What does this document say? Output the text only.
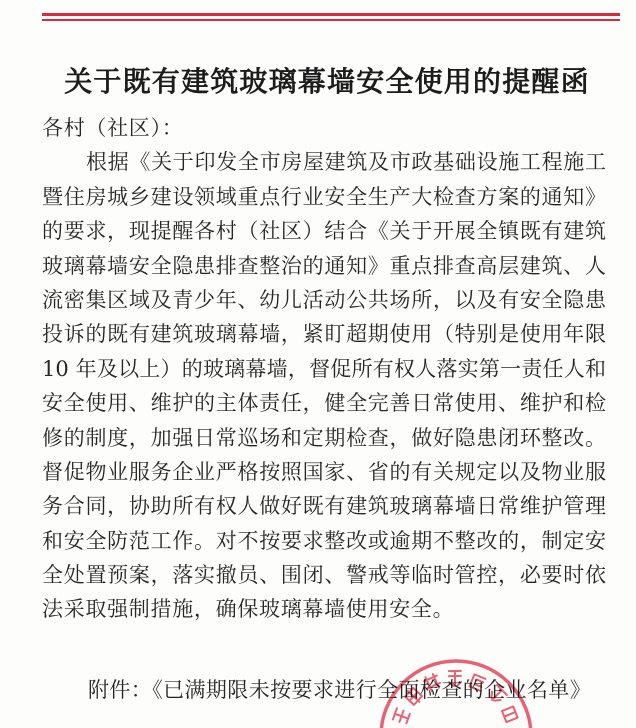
关于既有建筑玻璃幕墙安全使用的提醒函
各村（社区）：
根据《关于印发全市房屋建筑及市政基础设施工程施工
暨住房城乡建设领域重点行业安全生产大检查方案的通知》
的要求，现提醒各村（社区）结合《关于开展全镇既有建筑
玻璃幕墙安全隐患排查整治的通知》重点排查高层建筑、人
流密集区域及青少年、幼儿活动公共场所，以及有安全隐患
投诉的既有建筑玻璃幕墙，紧盯超期使用（特别是使用年限
10 年及以上）的玻璃幕墙，督促所有权人落实第一责任人和
安全使用、维护的主体责任，健全完善日常使用、维护和检
修的制度，加强日常巡场和定期检查，做好隐患闭环整改。
督促物业服务企业严格按照国家、省的有关规定以及物业服
务合同，协助所有权人做好既有建筑玻璃幕墙日常维护管理
和安全防范工作。对不按要求整改或逾期不整改的，制定安
全处置预案，落实撤员、围闭、警戒等临时管控，必要时依
法采取强制措施，确保玻璃幕墙使用安全。
附件：《已满期限未按要求进行全面检查的企业名单》
